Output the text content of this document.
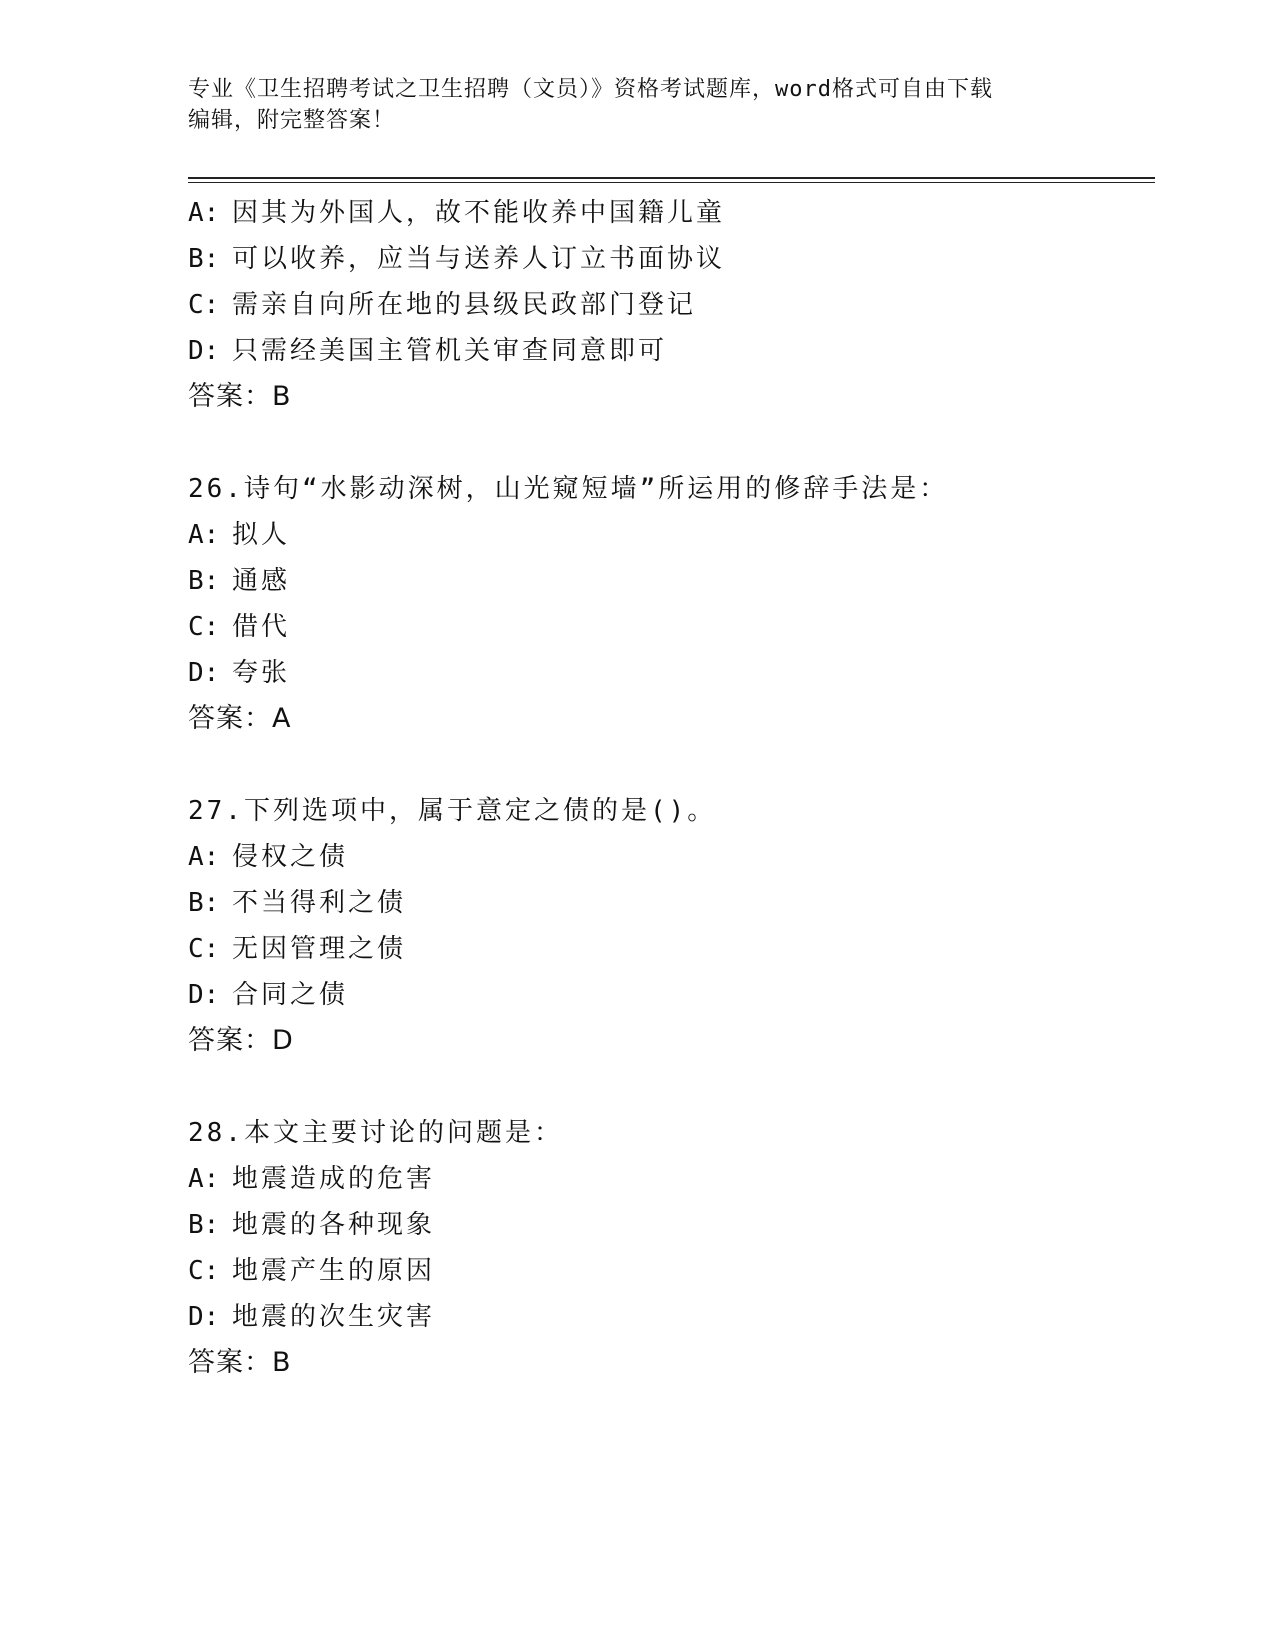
专业《卫生招聘考试之卫生招聘（文员）》资格考试题库，word格式可自由下载
编辑，附完整答案！
A: 因其为外国人，故不能收养中国籍儿童
B: 可以收养，应当与送养人订立书面协议
C: 需亲自向所在地的县级民政部门登记
D: 只需经美国主管机关审查同意即可
答案：B
26.诗句“水影动深树，山光窥短墙”所运用的修辞手法是：
A: 拟人
B: 通感
C: 借代
D: 夸张
答案：A
27.下列选项中，属于意定之债的是()。
A: 侵权之债
B: 不当得利之债
C: 无因管理之债
D: 合同之债
答案：D
28.本文主要讨论的问题是：
A: 地震造成的危害
B: 地震的各种现象
C: 地震产生的原因
D: 地震的次生灾害
答案：B
